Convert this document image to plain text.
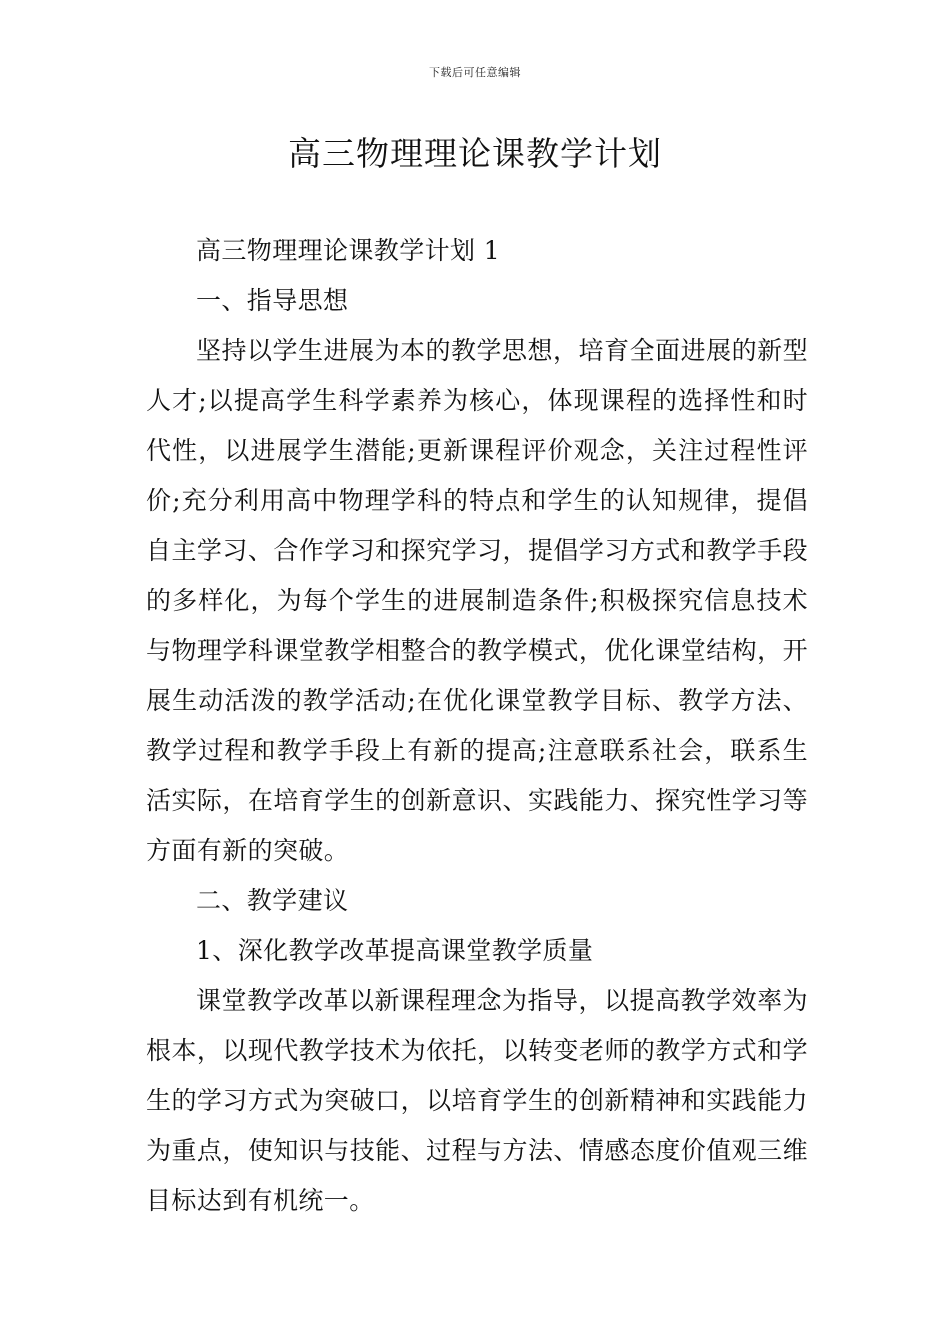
下载后可任意编辑
高三物理理论课教学计划

高三物理理论课教学计划 1

一、指导思想

坚持以学生进展为本的教学思想，培育全面进展的新型人才;以提高学生科学素养为核心，体现课程的选择性和时代性，以进展学生潜能;更新课程评价观念，关注过程性评价;充分利用高中物理学科的特点和学生的认知规律，提倡自主学习、合作学习和探究学习，提倡学习方式和教学手段的多样化，为每个学生的进展制造条件;积极探究信息技术与物理学科课堂教学相整合的教学模式，优化课堂结构，开展生动活泼的教学活动;在优化课堂教学目标、教学方法、教学过程和教学手段上有新的提高;注意联系社会，联系生活实际，在培育学生的创新意识、实践能力、探究性学习等方面有新的突破。

二、教学建议

1、深化教学改革提高课堂教学质量

课堂教学改革以新课程理念为指导，以提高教学效率为根本，以现代教学技术为依托，以转变老师的教学方式和学生的学习方式为突破口，以培育学生的创新精神和实践能力为重点，使知识与技能、过程与方法、情感态度价值观三维目标达到有机统一。
